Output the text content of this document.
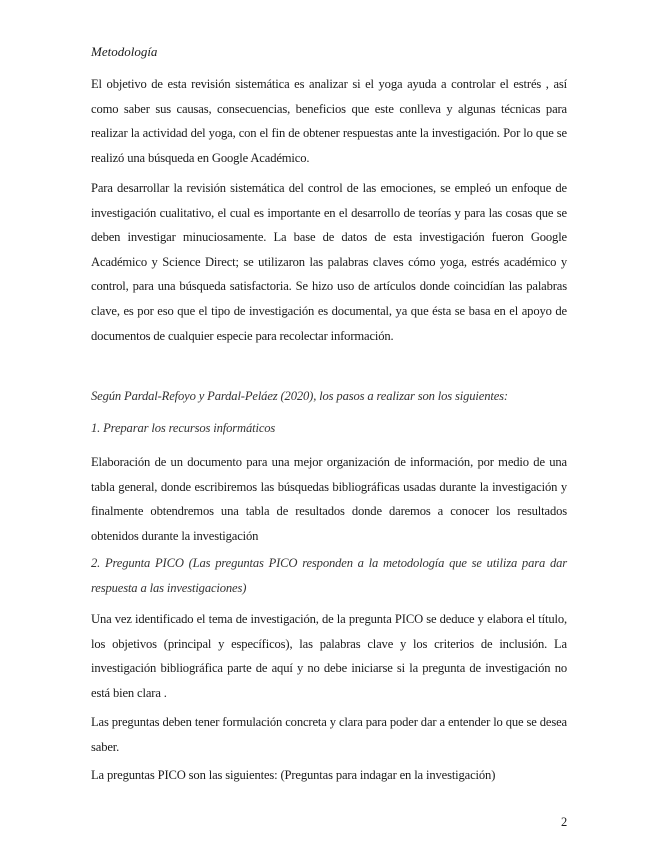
Metodología

El objetivo de esta revisión sistemática es analizar si el yoga ayuda a controlar el estrés , así como saber sus causas, consecuencias, beneficios que este conlleva y algunas técnicas para realizar la actividad del yoga, con el fin de obtener respuestas ante la investigación. Por lo que se realizó una búsqueda en Google Académico.

Para desarrollar la revisión sistemática del control de las emociones, se empleó un enfoque de investigación cualitativo, el cual es importante en el desarrollo de teorías y para las cosas que se deben investigar minuciosamente. La base de datos de esta investigación fueron Google Académico y Science Direct; se utilizaron las palabras claves cómo yoga, estrés académico y control, para una búsqueda satisfactoria. Se hizo uso de artículos donde coincidían las palabras clave, es por eso que el tipo de investigación es documental, ya que ésta se basa en el apoyo de documentos de cualquier especie para recolectar información.

Según Pardal-Refoyo y Pardal-Peláez (2020), los pasos a realizar son los siguientes:

1. Preparar los recursos informáticos

Elaboración de un documento para una mejor organización de información, por medio de una tabla general, donde escribiremos las búsquedas bibliográficas usadas durante la investigación y finalmente obtendremos una tabla de resultados donde daremos a conocer los resultados obtenidos durante la investigación

2. Pregunta PICO (Las preguntas PICO responden a la metodología que se utiliza para dar respuesta a las investigaciones)

Una vez identificado el tema de investigación, de la pregunta PICO se deduce y elabora el título, los objetivos (principal y específicos), las palabras clave y los criterios de inclusión. La investigación bibliográfica parte de aquí y no debe iniciarse si la pregunta de investigación no está bien clara .

Las preguntas deben tener formulación concreta y clara para poder dar a entender lo que se desea saber.

La preguntas PICO son las siguientes: (Preguntas para indagar en la investigación)

2
